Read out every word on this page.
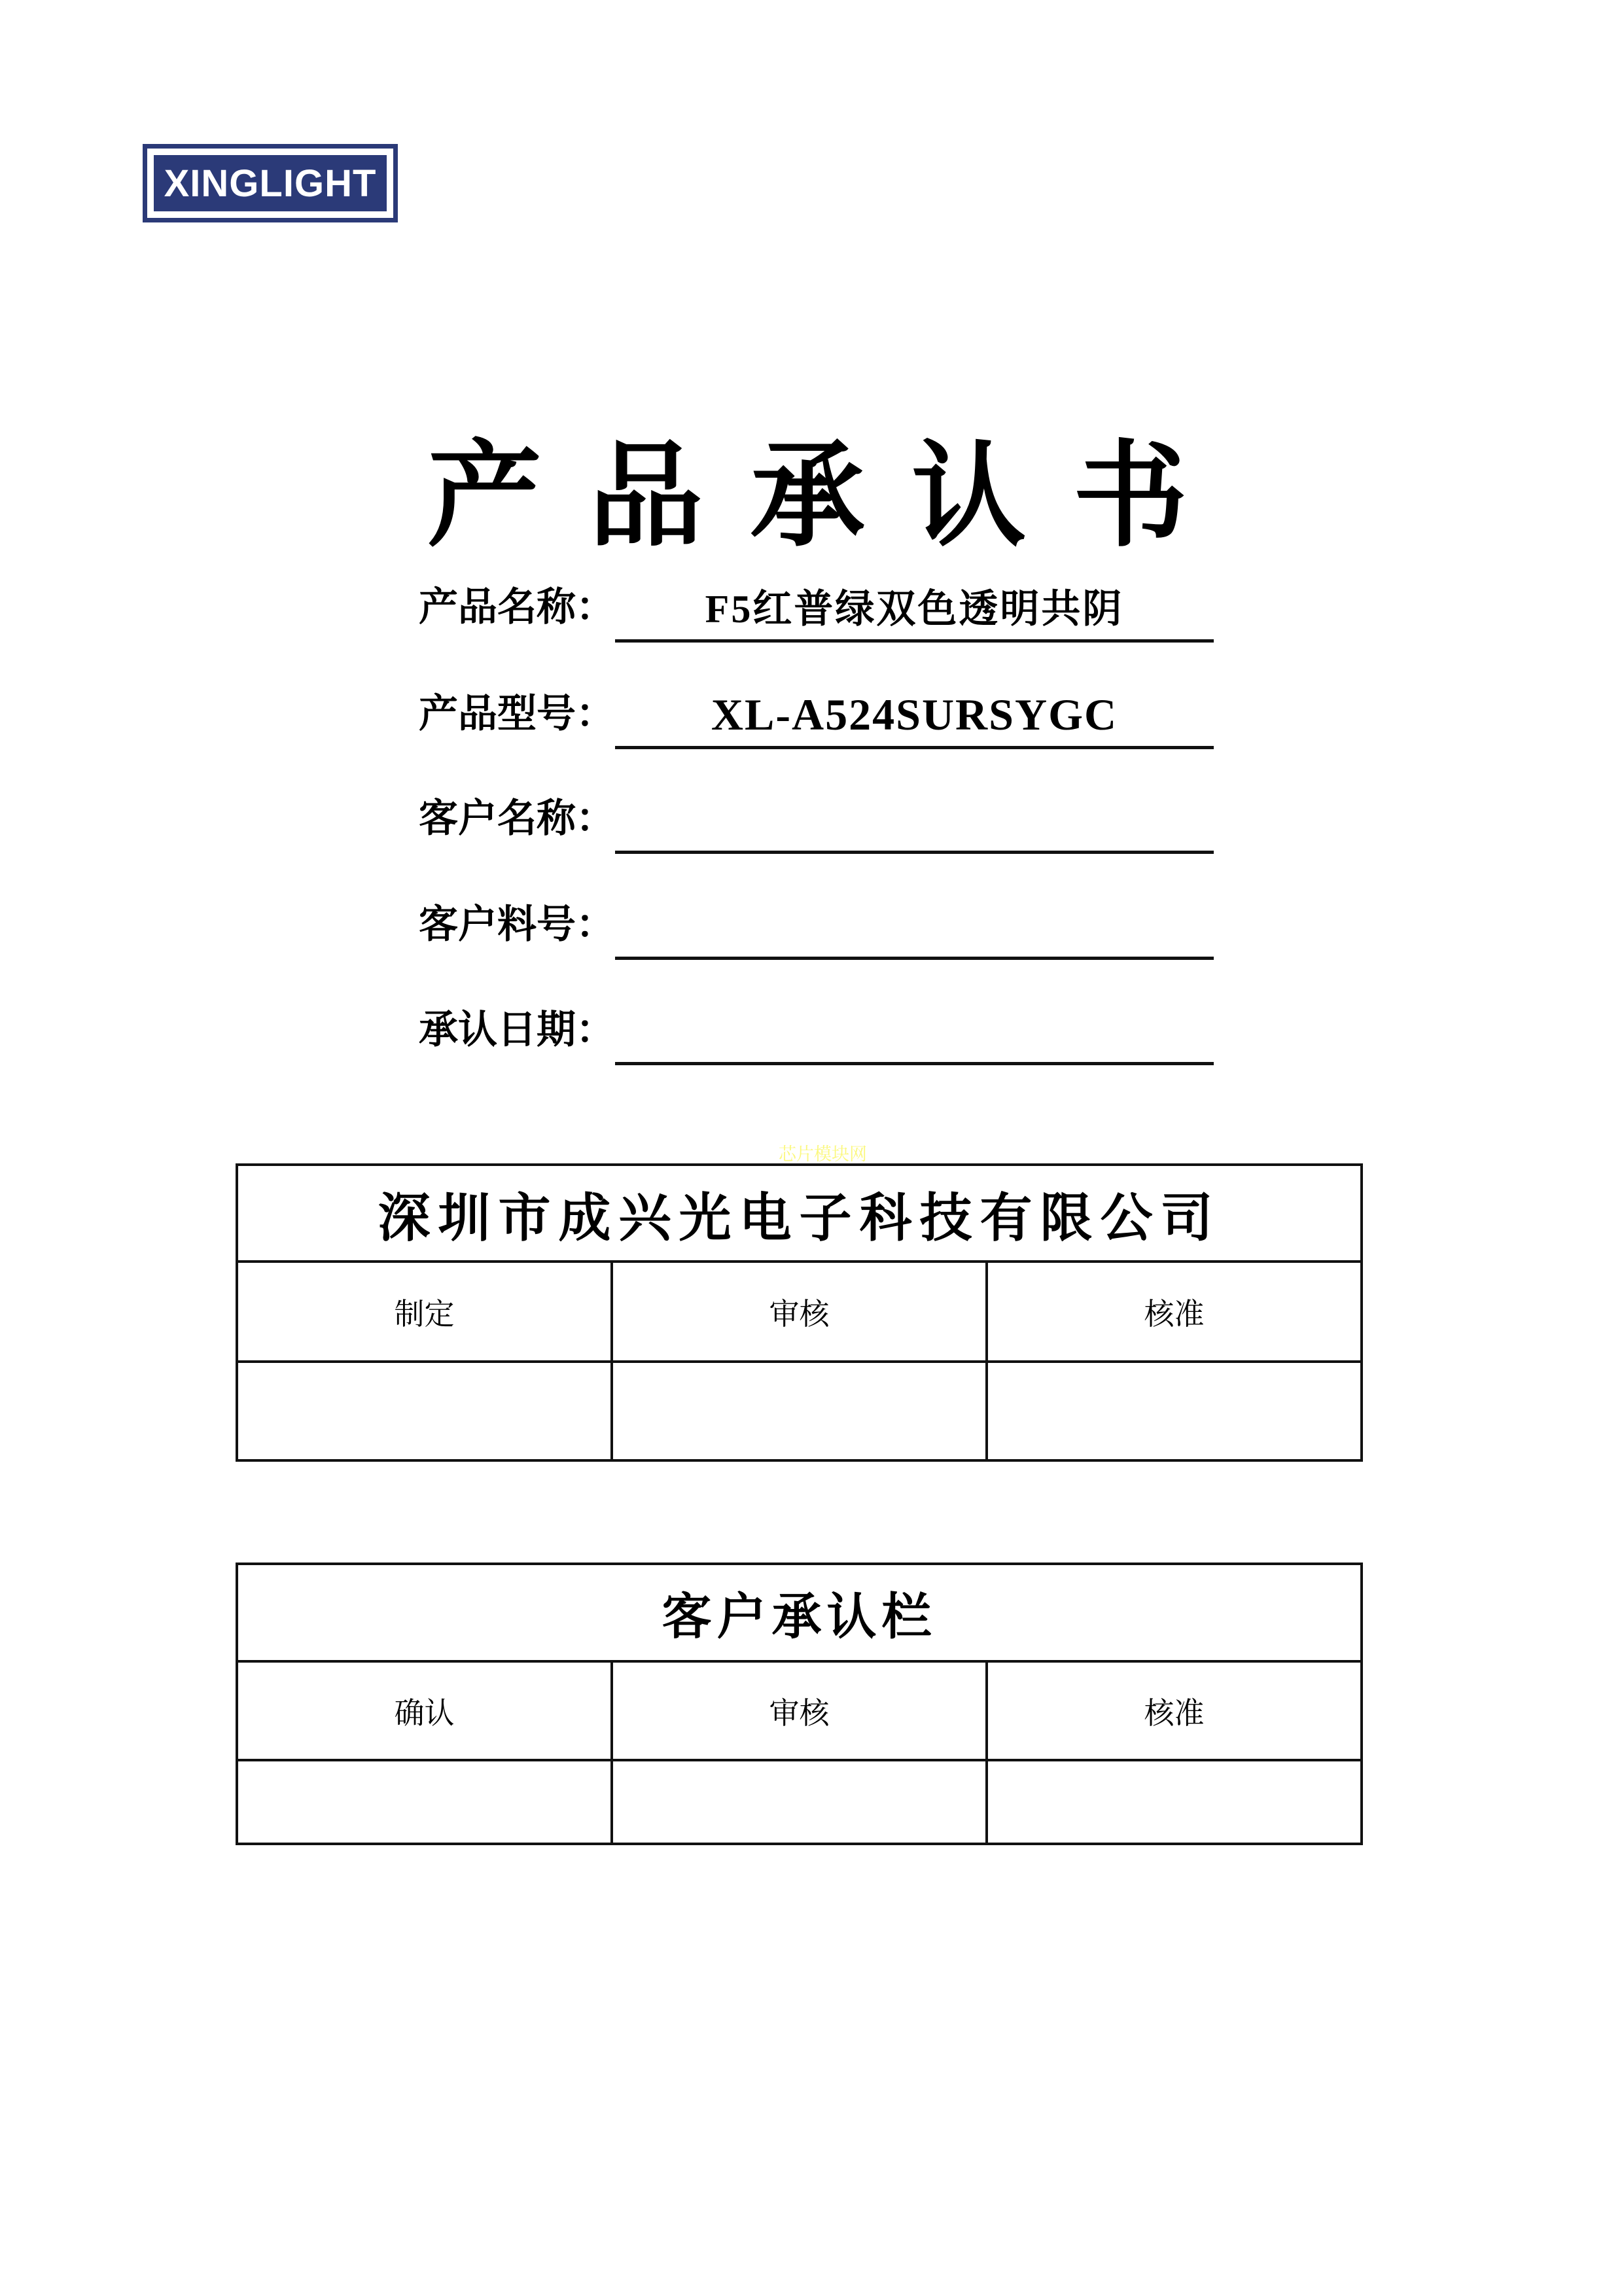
XINGLIGHT
产 品 承 认 书
产品名称： F5红普绿双色透明共阴
产品型号： XL-A524SURSYGC
客户名称：
客户料号：
承认日期：
芯片模块网
深圳市成兴光电子科技有限公司		
制定	审核	核准

客户承认栏		
确认	审核	核准
